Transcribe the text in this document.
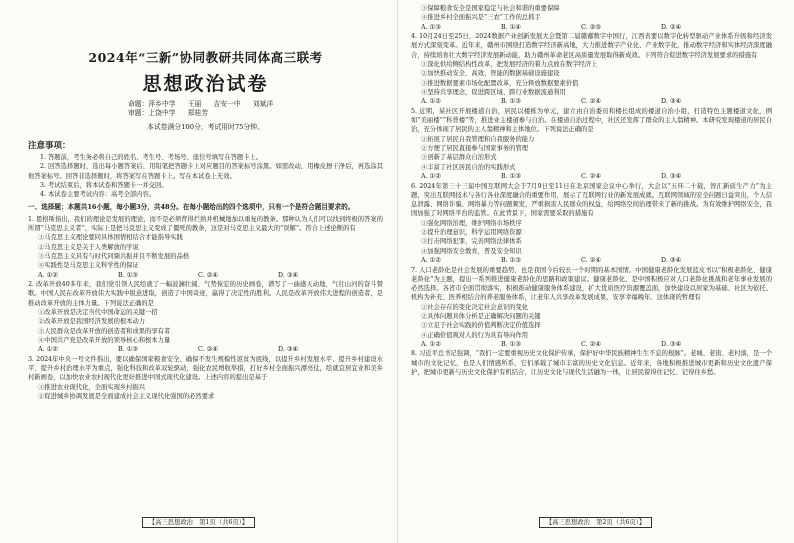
2024年“三新”协同教研共同体高三联考
思想政治试卷
命题：萍乡中学 王丽 吉安一中 刘斌洋
审题：上饶中学 郑桂芳
本试卷满分100分，考试用时75分钟。
注意事项：

1. 答题前，考生务必将自己的姓名、考生号、考场号、座位号填写在答题卡上。

2. 回答选择题时，选出每小题答案后，用铅笔把答题卡上对应题目的答案标号涂黑。如需改动，用橡皮擦干净后，再选涂其他答案标号。回答非选择题时，将答案写在答题卡上。写在本试卷上无效。

3. 考试结束后，将本试卷和答题卡一并交回。

4. 本试卷主要考试内容：高考全部内容。

一、选择题：本题共16小题，每小题3分，共48分。在每小题给出的四个选项中，只有一个是符合题目要求的。

1. 恩格斯指出，我们的理论是发展的理论，而不是必须背得烂熟并机械地加以重复的教条。那种认为人们可以找到终极的答案的所谓“马克思主义者”，实际上是把马克思主义变成了僵死的教条，这是对马克思主义最大的“误解”。符合上述论断的有

①马克思主义理论要同具体国情相结合才能指导实践

②马克思主义是关于人类解放的学说

③马克思主义具有与时代同频共振并且不断发展的品格

④实践性是马克思主义科学性的保证

A. ①②	B. ①③	C. ②④	D. ③④

2. 改革开放40多年来，我们党引领人民绘就了一幅波澜壮阔、气势恢宏的历史画卷，谱写了一曲感天动地、气壮山河的奋斗赞歌。中国人民在改革开放伟大实践中锐意进取，创造了中国奇迹，赢得了决定性的胜利。人民是改革开放伟大进程的创造者，是推动改革开放的主体力量。下列说法正确的是

①改革开放是决定当代中国命运的关键一招

②改革开放是我国经济发展的根本动力

③人民群众是改革开放的创造者和成果的享有者

④中国共产党是改革开放的领导核心和根本力量

A. ①②	B. ①③	C. ②④	D. ③④

3. 2024年中央一号文件指出，要以确保国家粮食安全、确保不发生规模性返贫为底线，以提升乡村发展水平、提升乡村建设水平、提升乡村治理水平为重点，强化科技和改革双轮驱动，强化农民增收举措，打好乡村全面振兴漂亮仗，绘就宜居宜业和美乡村新画卷，以加快农业农村现代化更好推进中国式现代化建设。上述内容的提出是基于

①推进农业现代化，全面实现乡村振兴

②促进城乡协调发展是全面建成社会主义现代化强国的必然要求

【高三思想政治　第1页（共6页）】

③保障粮食安全是国家稳定与社会和谐的重要保障

④推进乡村全面振兴是“三农”工作的总抓手

A. ①③	B. ①④	C. ②③	D. ②④

4. 10月24日至25日，2024数据产业创新发展大会暨第二届赣鄱数字中国行，江西省要以数字化转型驱动产业体系升级和经济发展方式深刻变革。近年来，赣州市围绕打造数字经济新高地，大力推进数字产业化、产业数字化，推动数字经济和实体经济深度融合，持续培育壮大数字经济发展新动能，助力赣州革命老区高质量发展取得新成效。下列符合促进数字经济发展要求的措施有

①深化供给侧结构性改革，把发展经济的着力点放在数字经济上

②加快推动安全、高效、智能的数据基础设施建设

③推进数据要素市场化配置改革，充分释放数据要素价值

④坚持共享理念，促进跨区域、跨行业数据流通利用

A. ①②	B. ①③	C. ②④	D. ③④

5. 近期，某社区开展楼道自治，居民以楼栋为单元，建立由自治委员和楼长组成的楼道自治小组，打造特色主题楼道文化，例如“美丽楼”“科普楼”等，推进业主楼道参与自治。在楼道自治过程中，社区还发挥了群众的主人翁精神。本研究发现楼道的居民自治，充分体现了居民的主人翁精神和主体地位。下列说法正确的是

①拓展了居民自我管理和自我服务的能力

②方便了居民直接参与国家事务的管理

③创新了基层群众自治形式

④丰富了社区居民自治的实践形式

A. ①②	B. ①③	C. ②④	D. ③④

6. 2024年第三十三届中国互联网大会于7月9日至11日在北京国家会议中心举行，大会以“五环二十载，智汇新质生产力”为主题，突出互联网技术与各行各业深度融合的重要作用，展示了互联网行业的新发展成就。互联网领域的安全问题日益突出，个人信息泄露、网络诈骗、网络暴力等问题频发，严重损害人民群众的权益，给网络空间治理带来了新的挑战。为有效维护网络安全，我国加强了对网络平台的监管。在此背景下，国家需要采取的措施有

①强化网络治理，维护网络市场秩序

②提升治理意识，科学运用网络资源

③打击网络犯罪，完善网络法律体系

④加强网络安全教育，普及安全知识

A. ①②	B. ①③	C. ②④	D. ③④

7. 人口老龄化是社会发展的重要趋势，也是我国今后较长一个时期的基本国情。中国健康老龄化发展蓝皮书以“积极老龄化、健康老龄化”为主题，提出一系列推进健康老龄化的思路和政策建议。健康老龄化，是中国积极应对人口老龄化挑战和老年事业发展的必然选择。各省市全面贯彻落实，积极推动健康服务体系建设，扩大优质医疗资源覆盖面，加快建设以居家为基础、社区为依托、机构为补充、医养相结合的养老服务体系，让老年人共享改革发展成果、安享幸福晚年。这体现的哲理有

①社会存在的变化决定社会意识的变化

②具体问题具体分析是正确解决问题的关键

③立足于社会实践的价值判断决定价值选择

④正确价值观对人的行为具有导向作用

A. ①②	B. ①③	C. ②④	D. ③④

8. 习近平总书记强调，“我们一定要重视历史文化保护传承，保护好中华民族精神生生不息的根脉”。老城、老街、老村落，是一个城市的文化记忆，也是人们情感所系，它们承载了城市丰富的历史文化信息。近年来，各地积极推进城市更新和历史文化遗产保护，把城市更新与历史文化保护有机结合，让历史文化与现代生活融为一体，让居民留得住记忆、记得住乡愁。

【高三思想政治　第2页（共6页）】
